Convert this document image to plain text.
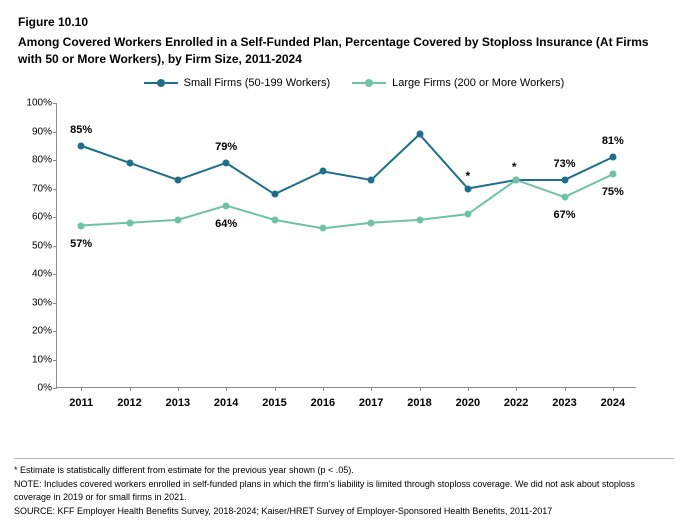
Figure 10.10
Among Covered Workers Enrolled in a Self-Funded Plan, Percentage Covered by Stoploss Insurance (At Firms with 50 or More Workers), by Firm Size, 2011-2024
Small Firms (50-199 Workers)	Large Firms (200 or More Workers)
0%
10%
20%
30%
40%
50%
60%
70%
80%
90%
100%
2011 2012 2013 2014 2015 2016 2017 2018 2020 2022 2023 2024
85%
79%
73%
81%
*
57%
64%
67%
75%
*

* Estimate is statistically different from estimate for the previous year shown (p < .05).

NOTE: Includes covered workers enrolled in self-funded plans in which the firm's liability is limited through stoploss coverage. We did not ask about stoploss coverage in 2019 or for small firms in 2021.

SOURCE: KFF Employer Health Benefits Survey, 2018-2024; Kaiser/HRET Survey of Employer-Sponsored Health Benefits, 2011-2017
